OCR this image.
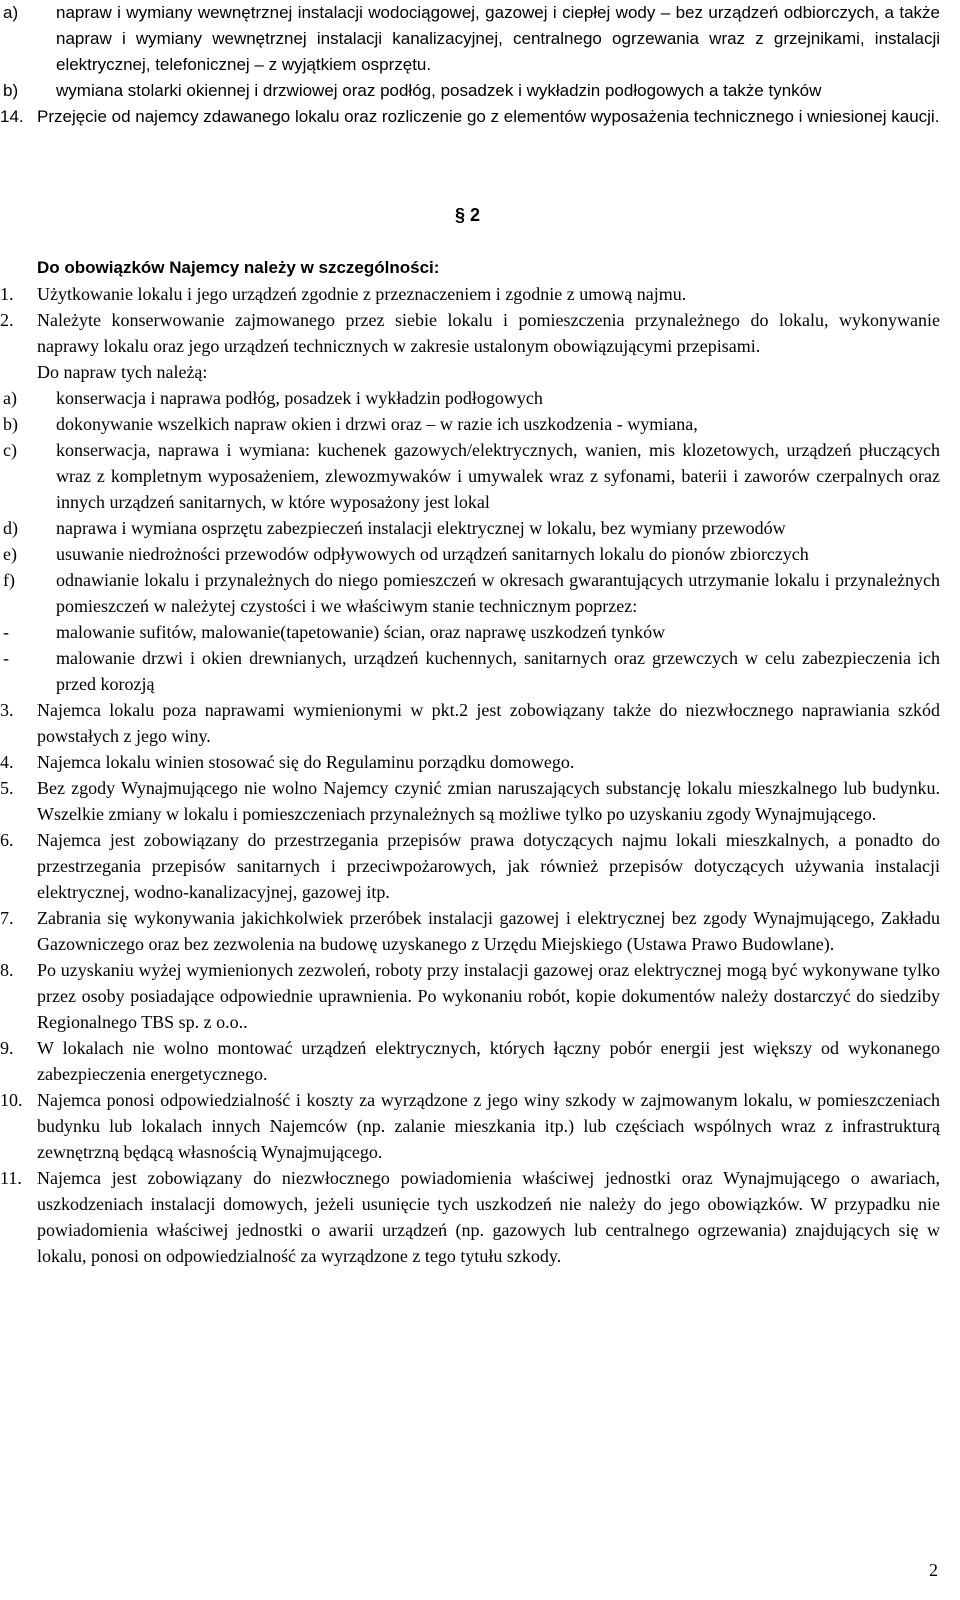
a) napraw i wymiany wewnętrznej instalacji wodociągowej, gazowej i ciepłej wody – bez urządzeń odbiorczych, a także napraw i wymiany wewnętrznej instalacji kanalizacyjnej, centralnego ogrzewania wraz z grzejnikami, instalacji elektrycznej, telefonicznej – z wyjątkiem osprzętu.
b) wymiana stolarki okiennej i drzwiowej oraz podłóg, posadzek i wykładzin podłogowych a także tynków
14. Przejęcie od najemcy zdawanego lokalu oraz rozliczenie go z elementów wyposażenia technicznego i wniesionej kaucji.
§ 2
Do obowiązków Najemcy należy w szczególności:
1. Użytkowanie lokalu i jego urządzeń zgodnie z przeznaczeniem i zgodnie z umową najmu.
2. Należyte konserwowanie zajmowanego przez siebie lokalu i pomieszczenia przynależnego do lokalu, wykonywanie naprawy lokalu oraz jego urządzeń technicznych w zakresie ustalonym obowiązującymi przepisami.
Do napraw tych należą:
a) konserwacja i naprawa podłóg, posadzek i wykładzin podłogowych
b) dokonywanie wszelkich napraw okien i drzwi oraz – w razie ich uszkodzenia - wymiana,
c) konserwacja, naprawa i wymiana: kuchenek gazowych/elektrycznych, wanien, mis klozetowych, urządzeń płuczących wraz z kompletnym wyposażeniem, zlewozmywaków i umywalek wraz z syfonami, baterii i zaworów czerpalnych oraz innych urządzeń sanitarnych, w które wyposażony jest lokal
d) naprawa i wymiana osprzętu zabezpieczeń instalacji elektrycznej w lokalu, bez wymiany przewodów
e) usuwanie niedrożności przewodów odpływowych od urządzeń sanitarnych lokalu do pionów zbiorczych
f) odnawianie lokalu i przynależnych do niego pomieszczeń w okresach gwarantujących utrzymanie lokalu i przynależnych pomieszczeń w należytej czystości i we właściwym stanie technicznym poprzez:
-	malowanie sufitów, malowanie(tapetowanie) ścian, oraz naprawę uszkodzeń tynków
-	malowanie drzwi i okien drewnianych, urządzeń kuchennych, sanitarnych oraz grzewczych w celu zabezpieczenia ich przed korozją
3. Najemca lokalu poza naprawami wymienionymi w pkt.2 jest zobowiązany także do niezwłocznego naprawiania szkód powstałych z jego winy.
4. Najemca lokalu winien stosować się do Regulaminu porządku domowego.
5. Bez zgody Wynajmującego nie wolno Najemcy czynić zmian naruszających substancję lokalu mieszkalnego lub budynku. Wszelkie zmiany w lokalu i pomieszczeniach przynależnych są możliwe tylko po uzyskaniu zgody Wynajmującego.
6. Najemca jest zobowiązany do przestrzegania przepisów prawa dotyczących najmu lokali mieszkalnych, a ponadto do przestrzegania przepisów sanitarnych i przeciwpożarowych, jak również przepisów dotyczących używania instalacji elektrycznej, wodno-kanalizacyjnej, gazowej itp.
7. Zabrania się wykonywania jakichkolwiek przeróbek instalacji gazowej i elektrycznej bez zgody Wynajmującego, Zakładu Gazowniczego oraz bez zezwolenia na budowę uzyskanego z Urzędu Miejskiego (Ustawa Prawo Budowlane).
8. Po uzyskaniu wyżej wymienionych zezwoleń, roboty przy instalacji gazowej oraz elektrycznej mogą być wykonywane tylko przez osoby posiadające odpowiednie uprawnienia. Po wykonaniu robót, kopie dokumentów należy dostarczyć do siedziby Regionalnego TBS sp. z o.o..
9. W lokalach nie wolno montować urządzeń elektrycznych, których łączny pobór energii jest większy od wykonanego zabezpieczenia energetycznego.
10. Najemca ponosi odpowiedzialność i koszty za wyrządzone z jego winy szkody w zajmowanym lokalu, w pomieszczeniach budynku lub lokalach innych Najemców (np. zalanie mieszkania itp.) lub częściach wspólnych wraz z infrastrukturą zewnętrzną będącą własnością Wynajmującego.
11. Najemca jest zobowiązany do niezwłocznego powiadomienia właściwej jednostki oraz Wynajmującego o awariach, uszkodzeniach instalacji domowych, jeżeli usunięcie tych uszkodzeń nie należy do jego obowiązków. W przypadku nie powiadomienia właściwej jednostki o awarii urządzeń (np. gazowych lub centralnego ogrzewania) znajdujących się w lokalu, ponosi on odpowiedzialność za wyrządzone z tego tytułu szkody.
2
